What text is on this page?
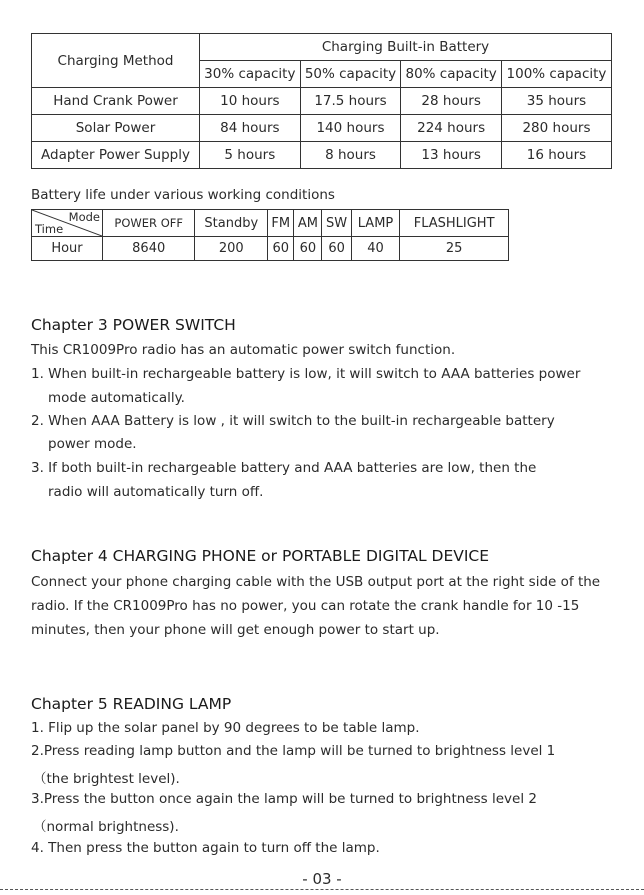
Charging Method	Charging Built-in Battery			
	30% capacity	50% capacity	80% capacity	100% capacity
Hand Crank Power	10 hours	17.5 hours	28 hours	35 hours
Solar Power	84 hours	140 hours	224 hours	280 hours
Adapter Power Supply	5 hours	8 hours	13 hours	16 hours
Battery life under various working conditions
Mode
Time	POWER OFF	Standby	FM	AM	SW	LAMP	FLASHLIGHT
Hour	8640	200	60	60	60	40	25
Chapter 3 POWER SWITCH

This CR1009Pro radio has an automatic power switch function.

1. When built-in rechargeable battery is low, it will switch to AAA batteries power

mode automatically.

2. When AAA Battery is low , it will switch to the built-in rechargeable battery

power mode.

3. If both built-in rechargeable battery and AAA batteries are low, then the

radio will automatically turn off.

Chapter 4 CHARGING PHONE or PORTABLE DIGITAL DEVICE

Connect your phone charging cable with the USB output port at the right side of the

radio. If the CR1009Pro has no power, you can rotate the crank handle for 10 -15

minutes, then your phone will get enough power to start up.

Chapter 5 READING LAMP

1. Flip up the solar panel by 90 degrees to be table lamp.

2.Press reading lamp button and the lamp will be turned to brightness level 1

（the brightest level).

3.Press the button once again the lamp will be turned to brightness level 2

（normal brightness).

4. Then press the button again to turn off the lamp.

- 03 -
